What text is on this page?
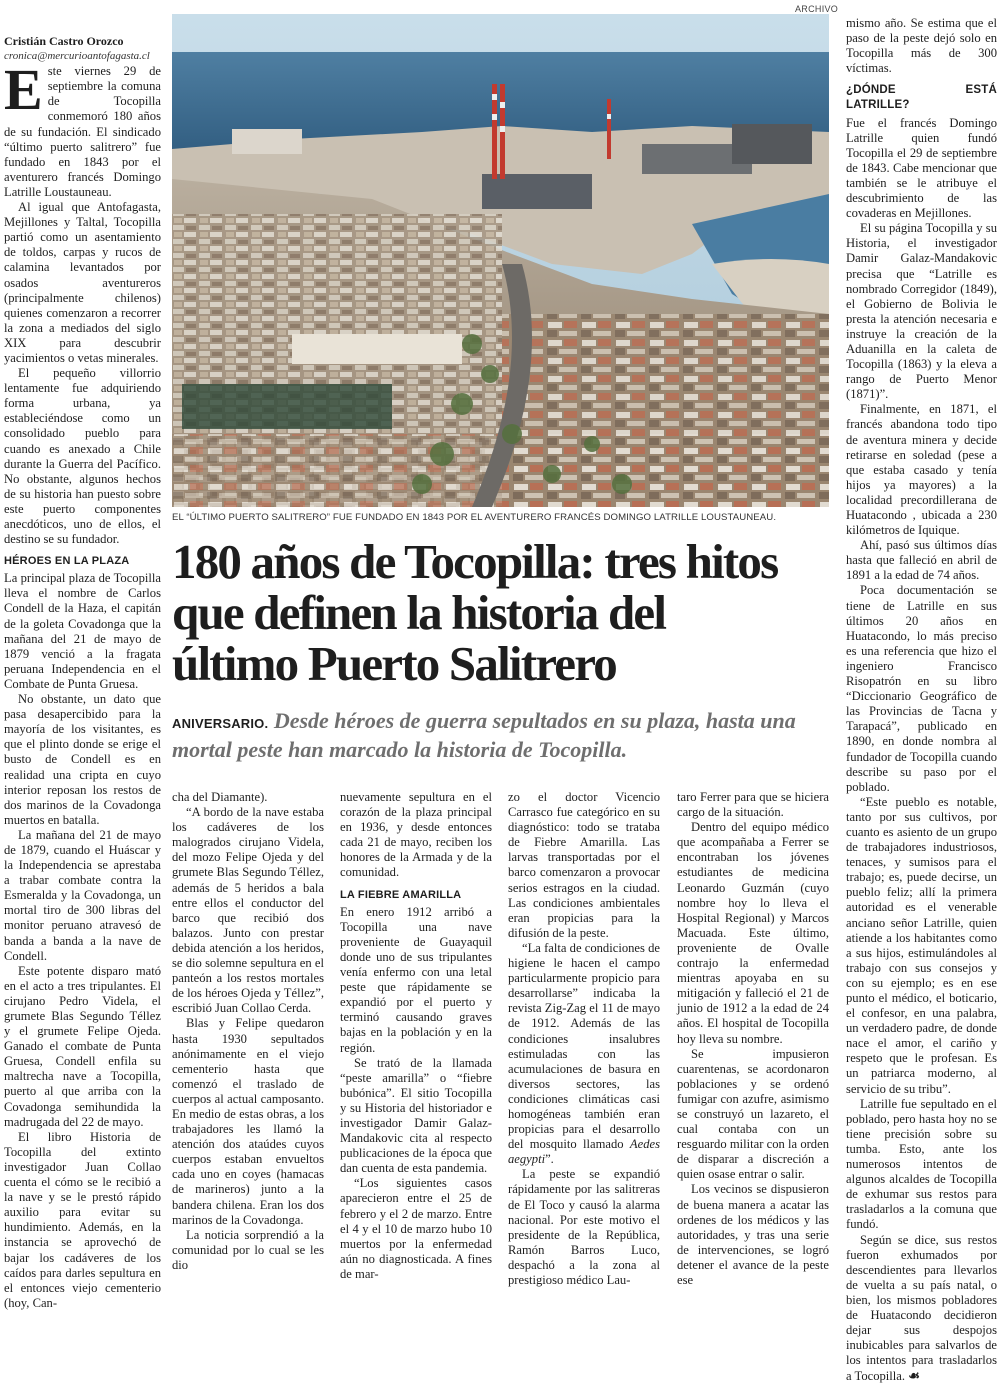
ARCHIVO

Cristián Castro Orozco

cronica@mercurioantofagasta.cl

Este viernes 29 de septiembre la comuna de Tocopilla conmemoró 180 años de su fundación. El sindicado “último puerto salitrero” fue fundado en 1843 por el aventurero francés Domingo Latrille Loustauneau.

Al igual que Antofagasta, Mejillones y Taltal, Tocopilla partió como un asentamiento de toldos, carpas y rucos de calamina levantados por osados aventureros (principalmente chilenos) quienes comenzaron a recorrer la zona a mediados del siglo XIX para descubrir yacimientos o vetas minerales.

El pequeño villorrio lentamente fue adquiriendo forma urbana, ya estableciéndose como un consolidado pueblo para cuando es anexado a Chile durante la Guerra del Pacífico. No obstante, algunos hechos de su historia han puesto sobre este puerto componentes anecdóticos, uno de ellos, el destino se su fundador.

HÉROES EN LA PLAZA

La principal plaza de Tocopilla lleva el nombre de Carlos Condell de la Haza, el capitán de la goleta Covadonga que la mañana del 21 de mayo de 1879 venció a la fragata peruana Independencia en el Combate de Punta Gruesa.

No obstante, un dato que pasa desapercibido para la mayoría de los visitantes, es que el plinto donde se erige el busto de Condell es en realidad una cripta en cuyo interior reposan los restos de dos marinos de la Covadonga muertos en batalla.

La mañana del 21 de mayo de 1879, cuando el Huáscar y la Independencia se aprestaba a trabar combate contra la Esmeralda y la Covadonga, un mortal tiro de 300 libras del monitor peruano atravesó de banda a banda a la nave de Condell.

Este potente disparo mató en el acto a tres tripulantes. El cirujano Pedro Videla, el grumete Blas Segundo Téllez y el grumete Felipe Ojeda. Ganado el combate de Punta Gruesa, Condell enfila su maltrecha nave a Tocopilla, puerto al que arriba con la Covadonga semihundida la madrugada del 22 de mayo.

El libro Historia de Tocopilla del extinto investigador Juan Collao cuenta el cómo se le recibió a la nave y se le prestó rápido auxilio para evitar su hundimiento. Además, en la instancia se aprovechó de bajar los cadáveres de los caídos para darles sepultura en el entonces viejo cementerio (hoy, Can-

EL “ÚLTIMO PUERTO SALITRERO” FUE FUNDADO EN 1843 POR EL AVENTURERO FRANCÉS DOMINGO LATRILLE LOUSTAUNEAU.
180 años de Tocopilla: tres hitos
que definen la historia del
último Puerto Salitrero
ANIVERSARIO. Desde héroes de guerra sepultados en su plaza, hasta una mortal peste han marcado la historia de Tocopilla.

cha del Diamante).

“A bordo de la nave estaba los cadáveres de los malogrados cirujano Videla, del mozo Felipe Ojeda y del grumete Blas Segundo Téllez, además de 5 heridos a bala entre ellos el conductor del barco que recibió dos balazos. Junto con prestar debida atención a los heridos, se dio solemne sepultura en el panteón a los restos mortales de los héroes Ojeda y Téllez”, escribió Juan Collao Cerda.

Blas y Felipe quedaron hasta 1930 sepultados anónimamente en el viejo cementerio hasta que comenzó el traslado de cuerpos al actual camposanto. En medio de estas obras, a los trabajadores les llamó la atención dos ataúdes cuyos cuerpos estaban envueltos cada uno en coyes (hamacas de marineros) junto a la bandera chilena. Eran los dos marinos de la Covadonga.

La noticia sorprendió a la comunidad por lo cual se les dio

nuevamente sepultura en el corazón de la plaza principal en 1936, y desde entonces cada 21 de mayo, reciben los honores de la Armada y de la comunidad.

LA FIEBRE AMARILLA

En enero 1912 arribó a Tocopilla una nave proveniente de Guayaquil donde uno de sus tripulantes venía enfermo con una letal peste que rápidamente se expandió por el puerto y terminó causando graves bajas en la población y en la región.

Se trató de la llamada “peste amarilla” o “fiebre bubónica”. El sitio Tocopilla y su Historia del historiador e investigador Damir Galaz-Mandakovic cita al respecto publicaciones de la época que dan cuenta de esta pandemia.

“Los siguientes casos aparecieron entre el 25 de febrero y el 2 de marzo. Entre el 4 y el 10 de marzo hubo 10 muertos por la enfermedad aún no diagnosticada. A fines de mar-

zo el doctor Vicencio Carrasco fue categórico en su diagnóstico: todo se trataba de Fiebre Amarilla. Las larvas transportadas por el barco comenzaron a provocar serios estragos en la ciudad. Las condiciones ambientales eran propicias para la difusión de la peste.

“La falta de condiciones de higiene le hacen el campo particularmente propicio para desarrollarse” indicaba la revista Zig-Zag el 11 de mayo de 1912. Además de las condiciones insalubres estimuladas con las acumulaciones de basura en diversos sectores, las condiciones climáticas casi homogéneas también eran propicias para el desarrollo del mosquito llamado Aedes aegypti”.

La peste se expandió rápidamente por las salitreras de El Toco y causó la alarma nacional. Por este motivo el presidente de la República, Ramón Barros Luco, despachó a la zona al prestigioso médico Lau-

taro Ferrer para que se hiciera cargo de la situación.

Dentro del equipo médico que acompañaba a Ferrer se encontraban los jóvenes estudiantes de medicina Leonardo Guzmán (cuyo nombre hoy lo lleva el Hospital Regional) y Marcos Macuada. Este último, proveniente de Ovalle contrajo la enfermedad mientras apoyaba en su mitigación y falleció el 21 de junio de 1912 a la edad de 24 años. El hospital de Tocopilla hoy lleva su nombre.

Se impusieron cuarentenas, se acordonaron poblaciones y se ordenó fumigar con azufre, asimismo se construyó un lazareto, el cual contaba con un resguardo militar con la orden de disparar a discreción a quien osase entrar o salir.

Los vecinos se dispusieron de buena manera a acatar las ordenes de los médicos y las autoridades, y tras una serie de intervenciones, se logró detener el avance de la peste ese

mismo año. Se estima que el paso de la peste dejó solo en Tocopilla más de 300 víctimas.

¿DÓNDE ESTÁ LATRILLE?

Fue el francés Domingo Latrille quien fundó Tocopilla el 29 de septiembre de 1843. Cabe mencionar que también se le atribuye el descubrimiento de las covaderas en Mejillones.

El su página Tocopilla y su Historia, el investigador Damir Galaz-Mandakovic precisa que “Latrille es nombrado Corregidor (1849), el Gobierno de Bolivia le presta la atención necesaria e instruye la creación de la Aduanilla en la caleta de Tocopilla (1863) y la eleva a rango de Puerto Menor (1871)”.

Finalmente, en 1871, el francés abandona todo tipo de aventura minera y decide retirarse en soledad (pese a que estaba casado y tenía hijos ya mayores) a la localidad precordillerana de Huatacondo , ubicada a 230 kilómetros de Iquique.

Ahí, pasó sus últimos días hasta que falleció en abril de 1891 a la edad de 74 años.

Poca documentación se tiene de Latrille en sus últimos 20 años en Huatacondo, lo más preciso es una referencia que hizo el ingeniero Francisco Risopatrón en su libro “Diccionario Geográfico de las Provincias de Tacna y Tarapacá”, publicado en 1890, en donde nombra al fundador de Tocopilla cuando describe su paso por el poblado.

“Este pueblo es notable, tanto por sus cultivos, por cuanto es asiento de un grupo de trabajadores industriosos, tenaces, y sumisos para el trabajo; es, puede decirse, un pueblo feliz; allí la primera autoridad es el venerable anciano señor Latrille, quien atiende a los habitantes como a sus hijos, estimulándoles al trabajo con sus consejos y con su ejemplo; es en ese punto el médico, el boticario, el confesor, en una palabra, un verdadero padre, de donde nace el amor, el cariño y respeto que le profesan. Es un patriarca moderno, al servicio de su tribu”.

Latrille fue sepultado en el poblado, pero hasta hoy no se tiene precisión sobre su tumba. Esto, ante los numerosos intentos de algunos alcaldes de Tocopilla de exhumar sus restos para trasladarlos a la comuna que fundó.

Según se dice, sus restos fueron exhumados por descendientes para llevarlos de vuelta a su país natal, o bien, los mismos pobladores de Huatacondo decidieron dejar sus despojos inubicables para salvarlos de los intentos para trasladarlos a Tocopilla. ☙
